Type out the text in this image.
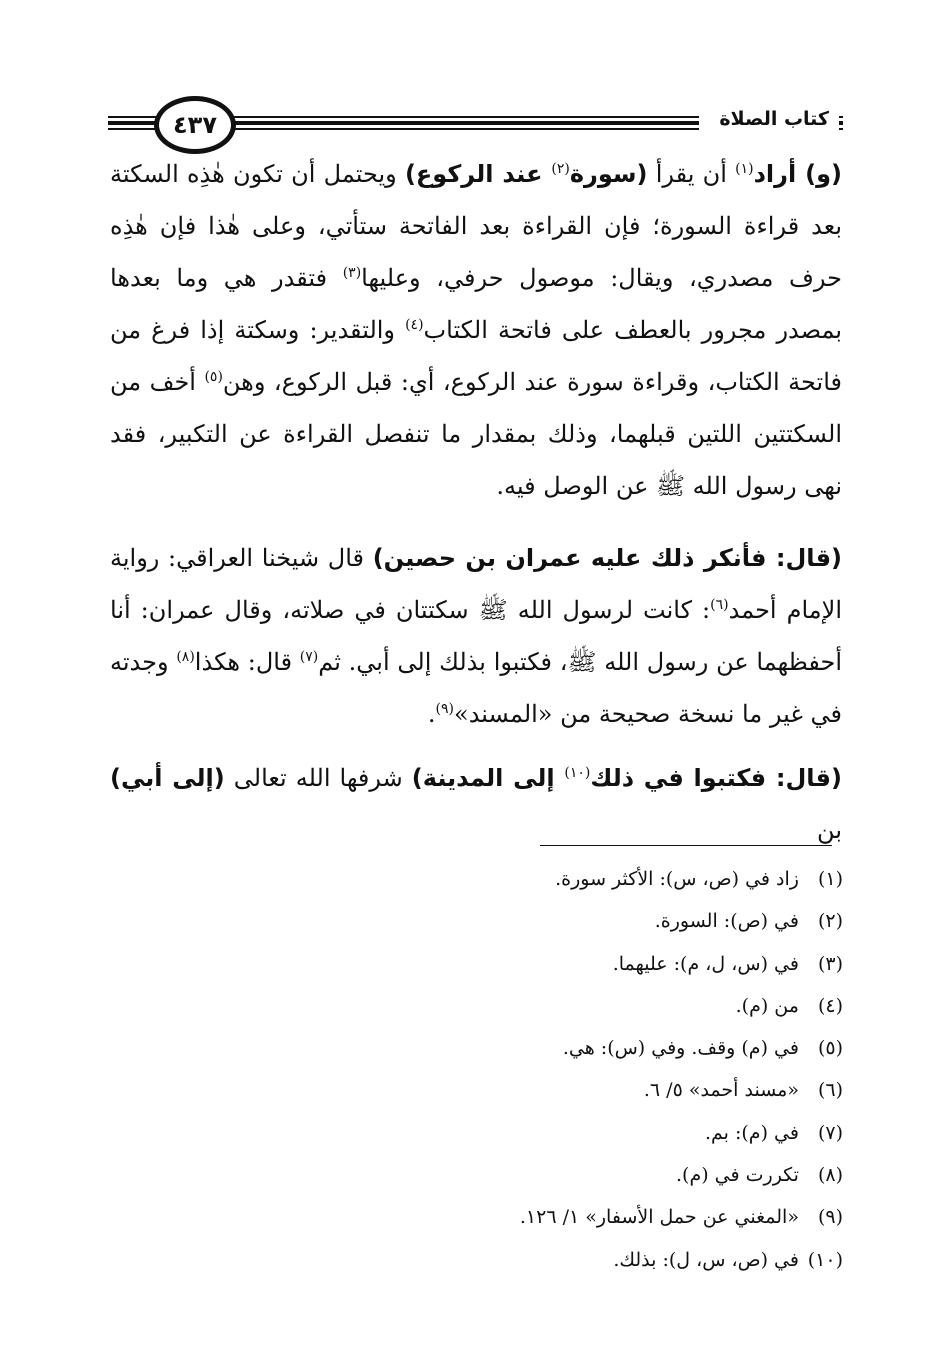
كتاب الصلاة
٤٣٧
(و) أراد$^{(١)}$ أن يقرأ (سورة$^{(٢)}$ عند الركوع) ويحتمل أن تكون هٰذِه السكتة بعد قراءة السورة؛ فإن القراءة بعد الفاتحة ستأتي، وعلى هٰذا فإن هٰذِه حرف مصدري، ويقال: موصول حرفي، وعليها$^{(٣)}$ فتقدر هي وما بعدها بمصدر مجرور بالعطف على فاتحة الكتاب$^{(٤)}$ والتقدير: وسكتة إذا فرغ من فاتحة الكتاب، وقراءة سورة عند الركوع، أي: قبل الركوع، وهن$^{(٥)}$ أخف من السكتتين اللتين قبلهما، وذلك بمقدار ما تنفصل القراءة عن التكبير، فقد نهى رسول الله ﷺ عن الوصل فيه.
(قال: فأنكر ذلك عليه عمران بن حصين) قال شيخنا العراقي: رواية الإمام أحمد$^{(٦)}$: كانت لرسول الله ﷺ سكتتان في صلاته، وقال عمران: أنا أحفظهما عن رسول الله ﷺ، فكتبوا بذلك إلى أبي. ثم$^{(٧)}$ قال: هكذا$^{(٨)}$ وجدته في غير ما نسخة صحيحة من «المسند»$^{(٩)}$.
(قال: فكتبوا في ذلك$^{(١٠)}$ إلى المدينة) شرفها الله تعالى (إلى أبي) بن
(١) زاد في (ص، س): الأكثر سورة.
(٢) في (ص): السورة.
(٣) في (س، ل، م): عليهما.
(٤) من (م).
(٥) في (م) وقف. وفي (س): هي.
(٦) «مسند أحمد» ٥/ ٦.
(٧) في (م): بم.
(٨) تكررت في (م).
(٩) «المغني عن حمل الأسفار» ١/ ١٢٦.
(١٠) في (ص، س، ل): بذلك.
